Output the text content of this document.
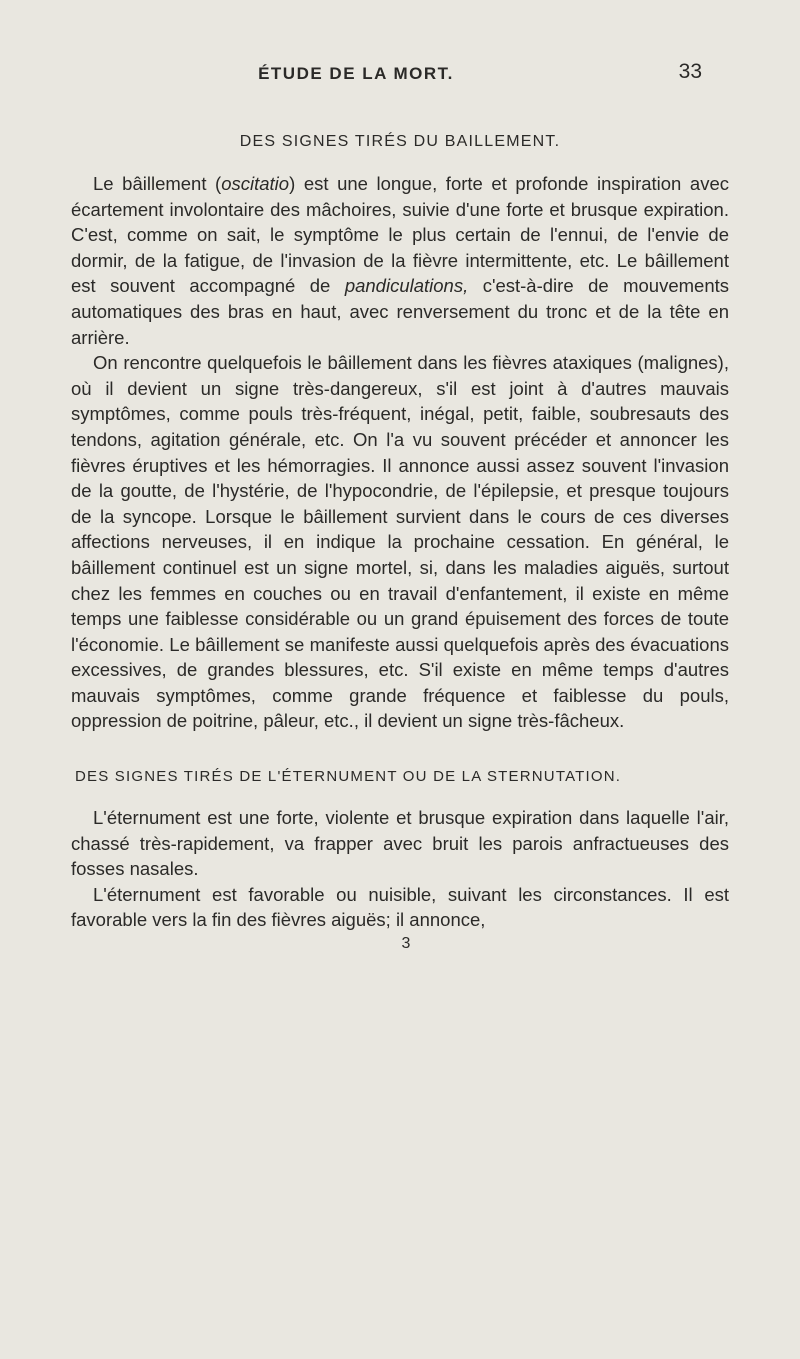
ÉTUDE DE LA MORT.	33
DES SIGNES TIRÉS DU BAILLEMENT.

Le bâillement (oscitatio) est une longue, forte et profonde inspiration avec écartement involontaire des mâchoires, suivie d'une forte et brusque expiration. C'est, comme on sait, le symptôme le plus certain de l'ennui, de l'envie de dormir, de la fatigue, de l'invasion de la fièvre intermittente, etc. Le bâillement est souvent accompagné de pandiculations, c'est-à-dire de mouvements automatiques des bras en haut, avec renversement du tronc et de la tête en arrière.

On rencontre quelquefois le bâillement dans les fièvres ataxiques (malignes), où il devient un signe très-dangereux, s'il est joint à d'autres mauvais symptômes, comme pouls très-fréquent, inégal, petit, faible, soubresauts des tendons, agitation générale, etc. On l'a vu souvent précéder et annoncer les fièvres éruptives et les hémorragies. Il annonce aussi assez souvent l'invasion de la goutte, de l'hystérie, de l'hypocondrie, de l'épilepsie, et presque toujours de la syncope. Lorsque le bâillement survient dans le cours de ces diverses affections nerveuses, il en indique la prochaine cessation. En général, le bâillement continuel est un signe mortel, si, dans les maladies aiguës, surtout chez les femmes en couches ou en travail d'enfantement, il existe en même temps une faiblesse considérable ou un grand épuisement des forces de toute l'économie. Le bâillement se manifeste aussi quelquefois après des évacuations excessives, de grandes blessures, etc. S'il existe en même temps d'autres mauvais symptômes, comme grande fréquence et faiblesse du pouls, oppression de poitrine, pâleur, etc., il devient un signe très-fâcheux.

DES SIGNES TIRÉS DE L'ÉTERNUMENT OU DE LA STERNUTATION.

L'éternument est une forte, violente et brusque expiration dans laquelle l'air, chassé très-rapidement, va frapper avec bruit les parois anfractueuses des fosses nasales.

L'éternument est favorable ou nuisible, suivant les circonstances. Il est favorable vers la fin des fièvres aiguës; il annonce,

3
